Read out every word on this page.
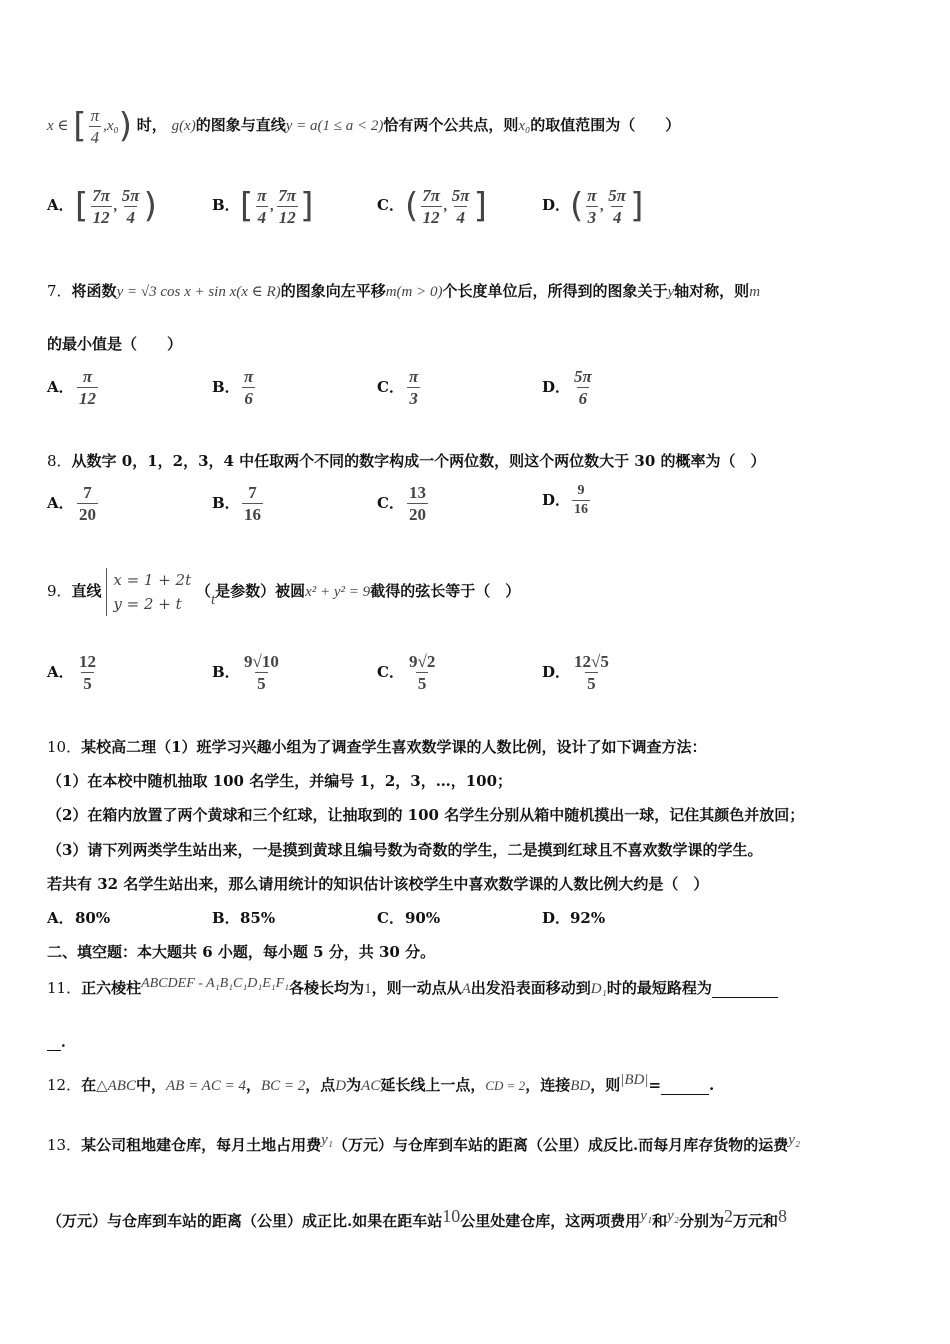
x ∈ [ $\frac{\pi}{4} ,x_0$) 时， g(x)的图象与直线y = a(1 ≤ a < 2)恰有两个公共点，则x₀的取值范围为（　　）
A．[ $\frac{7\pi}{12}$ , $\frac{5\pi}{4}$ )	B．[ $\frac{\pi}{4}$ , $\frac{7\pi}{12}$ ]	C．( $\frac{7\pi}{12}$ , $\frac{5\pi}{4}$ ]	D．( $\frac{\pi}{3}$ , $\frac{5\pi}{4}$ ]
7．将函数y = √3 cos x + sin x(x ∈ R)的图象向左平移m(m > 0)个长度单位后，所得到的图象关于y轴对称，则m
的最小值是（　　）
A． $\frac{\pi}{12}$	B． $\frac{\pi}{6}$	C． $\frac{\pi}{3}$	D． $\frac{5\pi}{6}$
8．从数字 0，1，2，3，4 中任取两个不同的数字构成一个两位数，则这个两位数大于 30 的概率为（　）
A． $\frac{7}{20}$	B． $\frac{7}{16}$	C． $\frac{13}{20}$	D． $\frac{9}{16}$
9．直线 x = 1 + 2t
y = 2 + t （t是参数）被圆x² + y² = 9截得的弦长等于（　）
A． $\frac{12}{5}$	B． $\frac{9√10}{5}$	C． $\frac{9√2}{5}$	D． $\frac{12√5}{5}$
10．某校高二理（1）班学习兴趣小组为了调查学生喜欢数学课的人数比例，设计了如下调查方法：
（1）在本校中随机抽取 100 名学生，并编号 1，2，3，…，100；
（2）在箱内放置了两个黄球和三个红球，让抽取到的 100 名学生分别从箱中随机摸出一球，记住其颜色并放回；
（3）请下列两类学生站出来，一是摸到黄球且编号数为奇数的学生，二是摸到红球且不喜欢数学课的学生。
若共有 32 名学生站出来，那么请用统计的知识估计该校学生中喜欢数学课的人数比例大约是（　）
A．80%	B．85%	C．90%	D．92%
二、填空题：本大题共 6 小题，每小题 5 分，共 30 分。
11．正六棱柱ABCDEF - A₁B₁C₁D₁E₁F₁各棱长均为1，则一动点从A出发沿表面移动到D₁时的最短路程为
．
12．在△ABC中，AB = AC = 4，BC = 2，点D为AC延长线上一点，CD = 2，连接BD，则|BD|=	.
13．某公司租地建仓库，每月土地占用费y₁（万元）与仓库到车站的距离（公里）成反比.而每月库存货物的运费y₂
（万元）与仓库到车站的距离（公里）成正比.如果在距车站10公里处建仓库，这两项费用y₁和y₂分别为2万元和8
